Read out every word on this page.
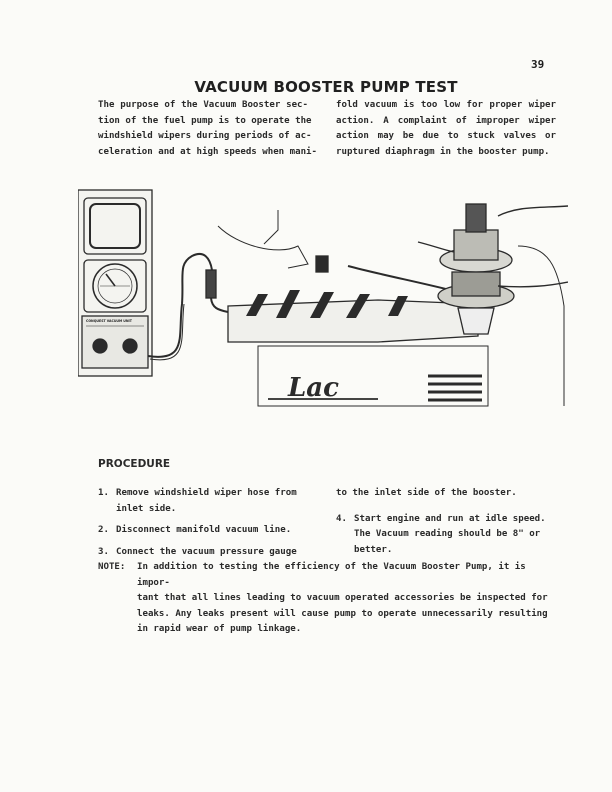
39
VACUUM BOOSTER PUMP TEST
The purpose of the Vacuum Booster sec-
tion of the fuel pump is to operate the
windshield wipers during periods of ac-
celeration and at high speeds when mani-
fold vacuum is too low for proper wiper
action. A complaint of improper wiper
action may be due to stuck valves or
ruptured diaphragm in the booster pump.
CONQUEST VACUUM UNIT
Lac
PROCEDURE
1. Remove windshield wiper hose from
inlet side.
2. Disconnect manifold vacuum line.
3. Connect the vacuum pressure gauge
to the inlet side of the booster.
4. Start engine and run at idle speed.
The Vacuum reading should be 8" or
better.
NOTE: In addition to testing the efficiency of the Vacuum Booster Pump, it is impor-
tant that all lines leading to vacuum operated accessories be inspected for
leaks. Any leaks present will cause pump to operate unnecessarily resulting
in rapid wear of pump linkage.
